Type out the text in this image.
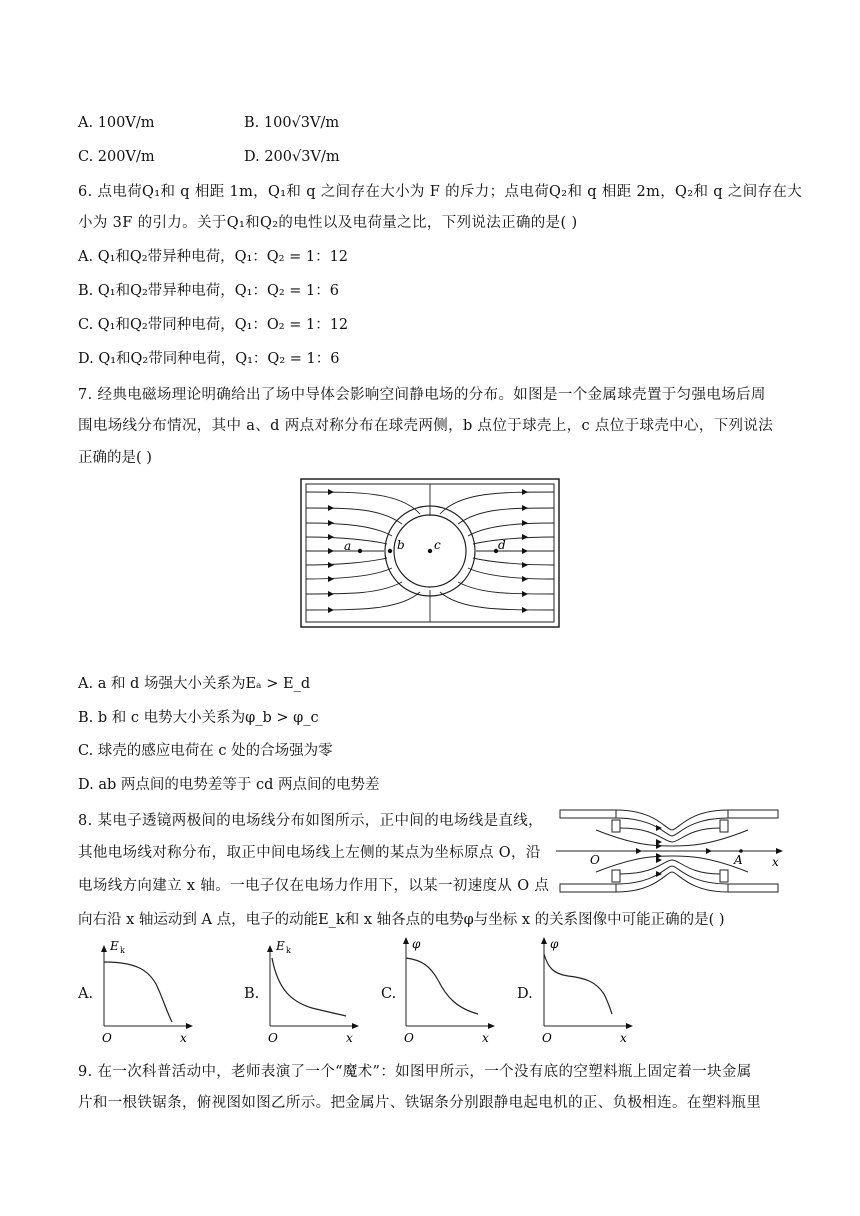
A. 100V/m	B. 100√3V/m
C. 200V/m	D. 200√3V/m
6. 点电荷Q₁和 q 相距 1m，Q₁和 q 之间存在大小为 F 的斥力；点电荷Q₂和 q 相距 2m，Q₂和 q 之间存在大
小为 3F 的引力。关于Q₁和Q₂的电性以及电荷量之比，下列说法正确的是( )
A. Q₁和Q₂带异种电荷，Q₁：Q₂ = 1：12
B. Q₁和Q₂带异种电荷，Q₁：Q₂ = 1：6
C. Q₁和Q₂带同种电荷，Q₁：O₂ = 1：12
D. Q₁和Q₂带同种电荷，Q₁：Q₂ = 1：6
7. 经典电磁场理论明确给出了场中导体会影响空间静电场的分布。如图是一个金属球壳置于匀强电场后周
围电场线分布情况，其中 a、d 两点对称分布在球壳两侧，b 点位于球壳上，c 点位于球壳中心，下列说法
正确的是( )
a	b c	d
A. a 和 d 场强大小关系为Eₐ > E_d
B. b 和 c 电势大小关系为φ_b > φ_c
C. 球壳的感应电荷在 c 处的合场强为零
D. ab 两点间的电势差等于 cd 两点间的电势差
8. 某电子透镜两极间的电场线分布如图所示，正中间的电场线是直线，
其他电场线对称分布，取正中间电场线上左侧的某点为坐标原点 O，沿
电场线方向建立 x 轴。一电子仅在电场力作用下，以某一初速度从 O 点
向右沿 x 轴运动到 A 点，电子的动能E_k和 x 轴各点的电势φ与坐标 x 的关系图像中可能正确的是( )
O	A x
A.
E k
O	x
B.
E k
O	x
C.
φ
O	x
D.
φ
O	x
9. 在一次科普活动中，老师表演了一个“魔术”：如图甲所示，一个没有底的空塑料瓶上固定着一块金属
片和一根铁锯条，俯视图如图乙所示。把金属片、铁锯条分别跟静电起电机的正、负极相连。在塑料瓶里
